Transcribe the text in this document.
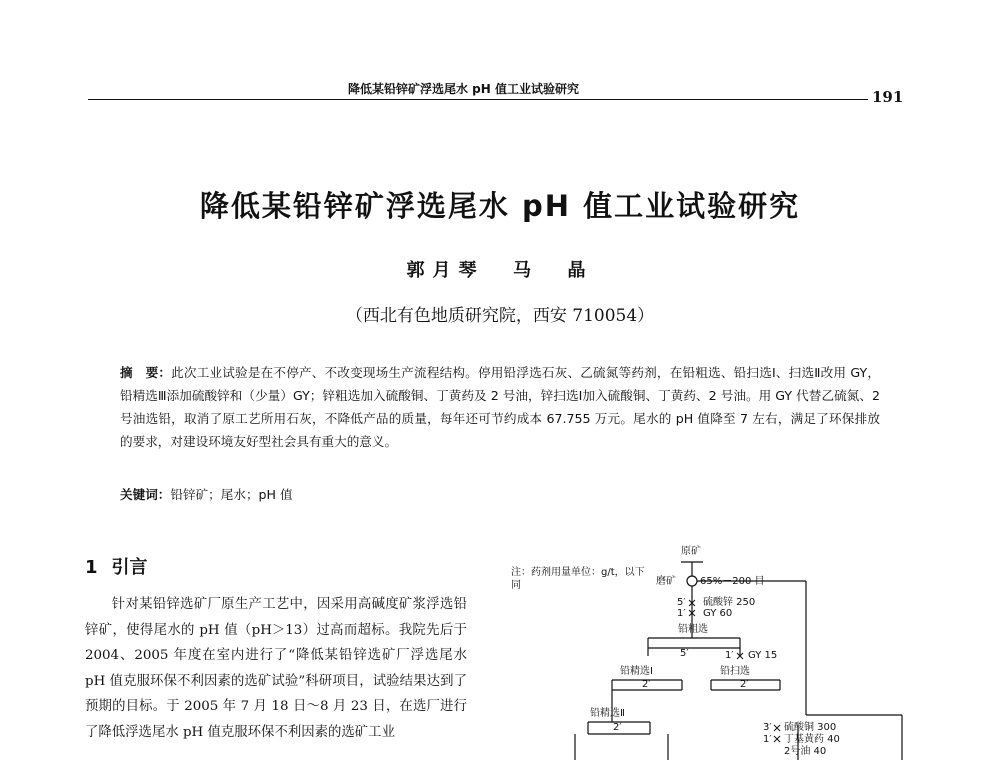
降低某铅锌矿浮选尾水 pH 值工业试验研究	191
降低某铅锌矿浮选尾水 pH 值工业试验研究
郭月琴  马  晶
（西北有色地质研究院，西安 710054）
摘　要：此次工业试验是在不停产、不改变现场生产流程结构。停用铅浮选石灰、乙硫氮等药剂，在铅粗选、铅扫选Ⅰ、扫选Ⅱ改用 GY，铅精选Ⅲ添加硫酸锌和（少量）GY；锌粗选加入硫酸铜、丁黄药及 2 号油，锌扫选Ⅰ加入硫酸铜、丁黄药、2 号油。用 GY 代替乙硫氮、2 号油选铅，取消了原工艺所用石灰，不降低产品的质量，每年还可节约成本 67.755 万元。尾水的 pH 值降至 7 左右，满足了环保排放的要求，对建设环境友好型社会具有重大的意义。
关键词：铅锌矿；尾水；pH 值
1 引言

针对某铅锌选矿厂原生产工艺中，因采用高碱度矿浆浮选铅锌矿，使得尾水的 pH 值（pH＞13）过高而超标。我院先后于 2004、2005 年度在室内进行了“降低某铅锌选矿厂浮选尾水 pH 值克服环保不利因素的选矿试验”科研项目，试验结果达到了预期的目标。于 2005 年 7 月 18 日～8 月 23 日，在选厂进行了降低浮选尾水 pH 值克服环保不利因素的选矿工业

注：药剂用量单位：g/t，以下同
原矿
磨矿 65%－200 目
5′
1′
硫酸锌 250
GY 60
铅粗选
5′	1′ GY 15
铅精选Ⅰ	铅扫选
2′	2′
铅精选Ⅱ
2′	3′
1′
硫酸铜 300
丁基黄药 40
2号油 40
